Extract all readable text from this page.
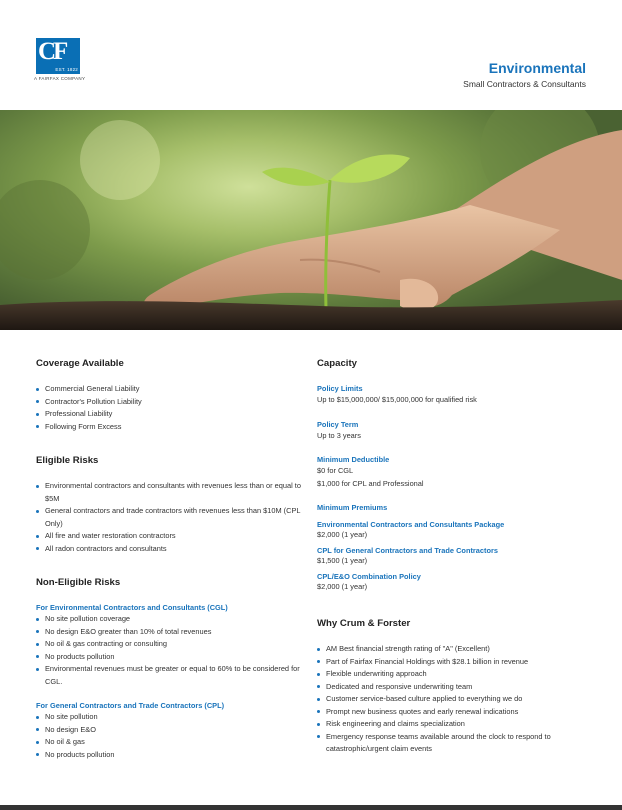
CF
EST. 1822
A FAIRFAX COMPANY
Environmental
Small Contractors & Consultants
Coverage Available
Commercial General Liability
Contractor's Pollution Liability
Professional Liability
Following Form Excess
Eligible Risks
Environmental contractors and consultants with revenues less than or equal to $5M
General contractors and trade contractors with revenues less than $10M (CPL Only)
All fire and water restoration contractors
All radon contractors and consultants
Non-Eligible Risks
For Environmental Contractors and Consultants (CGL)
No site pollution coverage
No design E&O greater than 10% of total revenues
No oil & gas contracting or consulting
No products pollution
Environmental revenues must be greater or equal to 60% to be considered for CGL.
For General Contractors and Trade Contractors (CPL)
No site pollution
No design E&O
No oil & gas
No products pollution
Capacity
Policy Limits
Up to $15,000,000/ $15,000,000 for qualified risk
Policy Term
Up to 3 years
Minimum Deductible
$0 for CGL
$1,000 for CPL and Professional
Minimum Premiums
Environmental Contractors and Consultants Package
$2,000 (1 year)
CPL for General Contractors and Trade Contractors
$1,500 (1 year)
CPL/E&O Combination Policy
$2,000 (1 year)
Why Crum & Forster
AM Best financial strength rating of "A" (Excellent)
Part of Fairfax Financial Holdings with $28.1 billion in revenue
Flexible underwriting approach
Dedicated and responsive underwriting team
Customer service-based culture applied to everything we do
Prompt new business quotes and early renewal indications
Risk engineering and claims specialization
Emergency response teams available around the clock to respond to catastrophic/urgent claim events
